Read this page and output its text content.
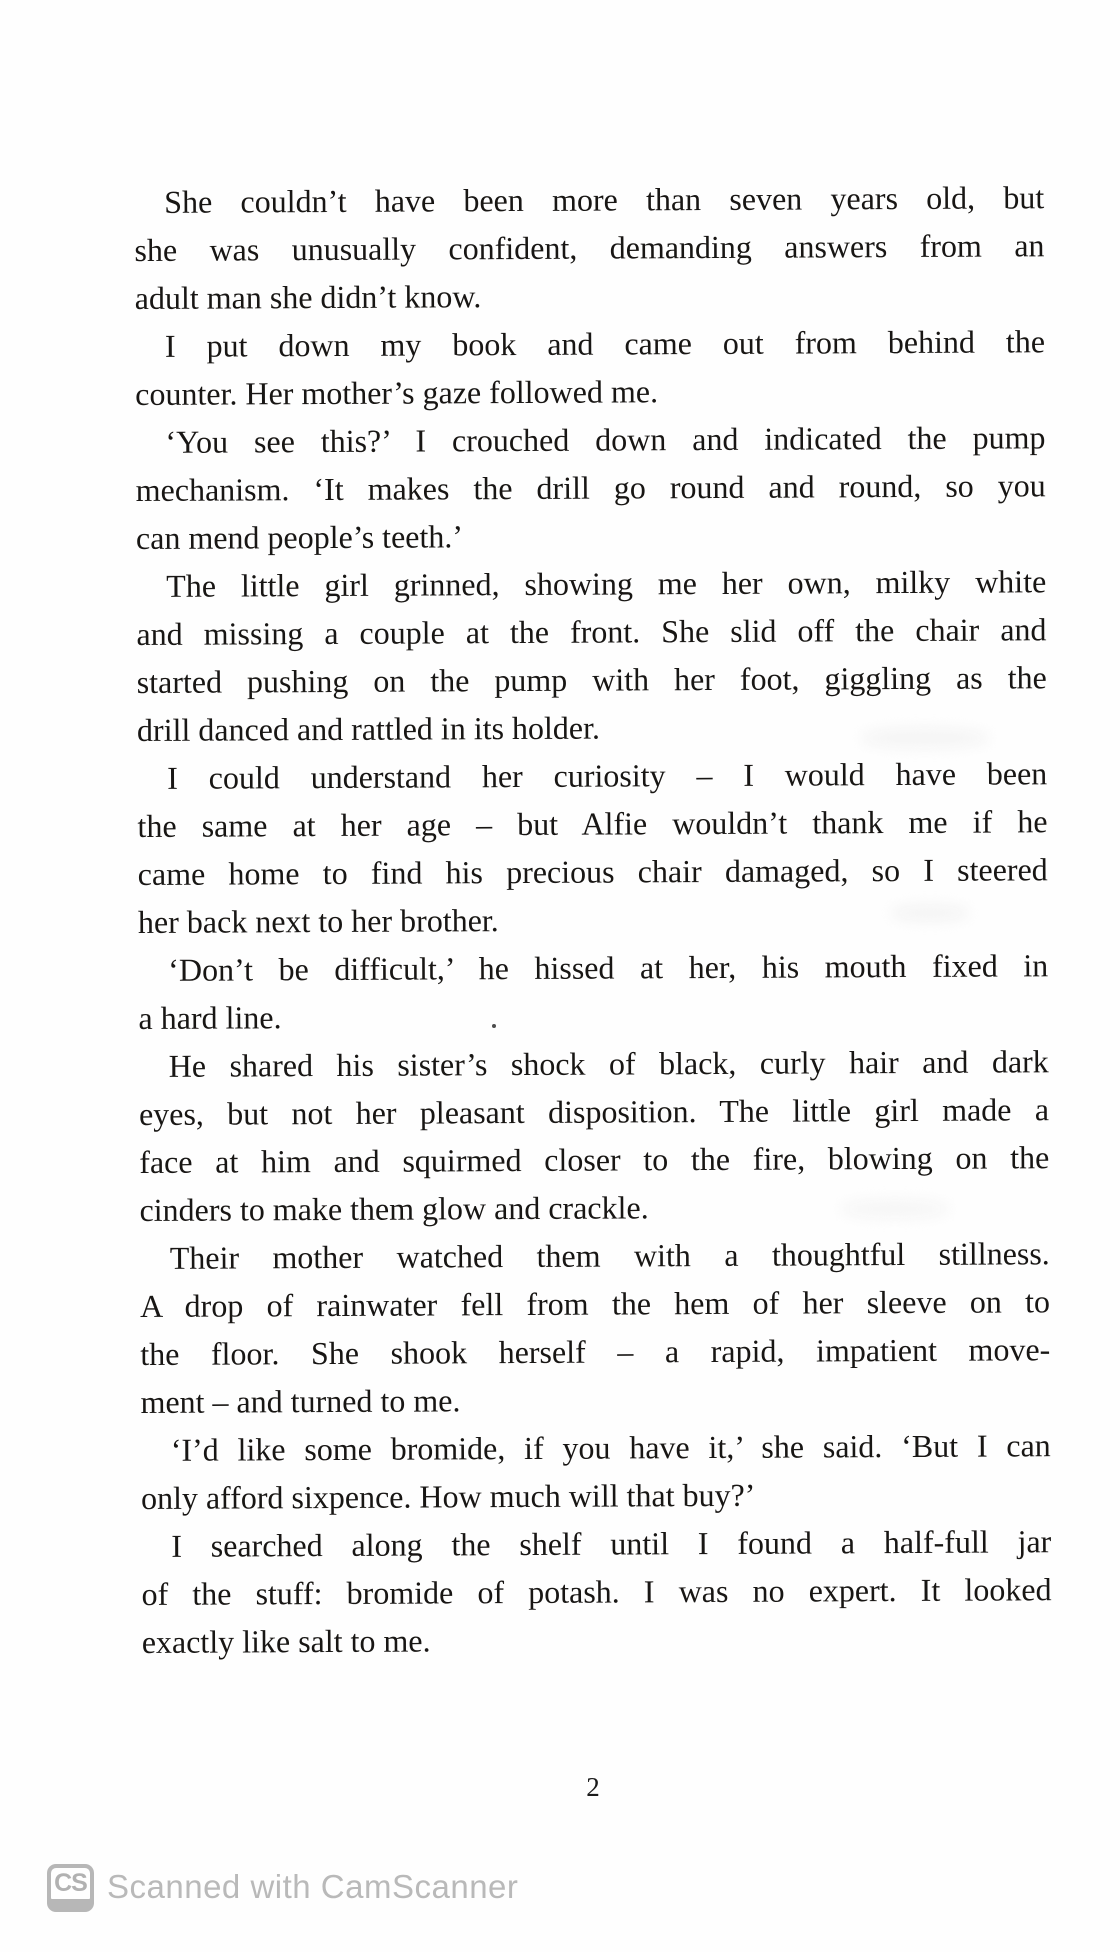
She couldn’t have been more than seven years old, but
she was unusually confident, demanding answers from an
adult man she didn’t know.
I put down my book and came out from behind the
counter. Her mother’s gaze followed me.
‘You see this?’ I crouched down and indicated the pump
mechanism. ‘It makes the drill go round and round, so you
can mend people’s teeth.’
The little girl grinned, showing me her own, milky white
and missing a couple at the front. She slid off the chair and
started pushing on the pump with her foot, giggling as the
drill danced and rattled in its holder.
I could understand her curiosity – I would have been
the same at her age – but Alfie wouldn’t thank me if he
came home to find his precious chair damaged, so I steered
her back next to her brother.
‘Don’t be difficult,’ he hissed at her, his mouth fixed in
a hard line.
He shared his sister’s shock of black, curly hair and dark
eyes, but not her pleasant disposition. The little girl made a
face at him and squirmed closer to the fire, blowing on the
cinders to make them glow and crackle.
Their mother watched them with a thoughtful stillness.
A drop of rainwater fell from the hem of her sleeve on to
the floor. She shook herself – a rapid, impatient move-
ment – and turned to me.
‘I’d like some bromide, if you have it,’ she said. ‘But I can
only afford sixpence. How much will that buy?’
I searched along the shelf until I found a half-full jar
of the stuff: bromide of potash. I was no expert. It looked
exactly like salt to me.
2
CS Scanned with CamScanner
